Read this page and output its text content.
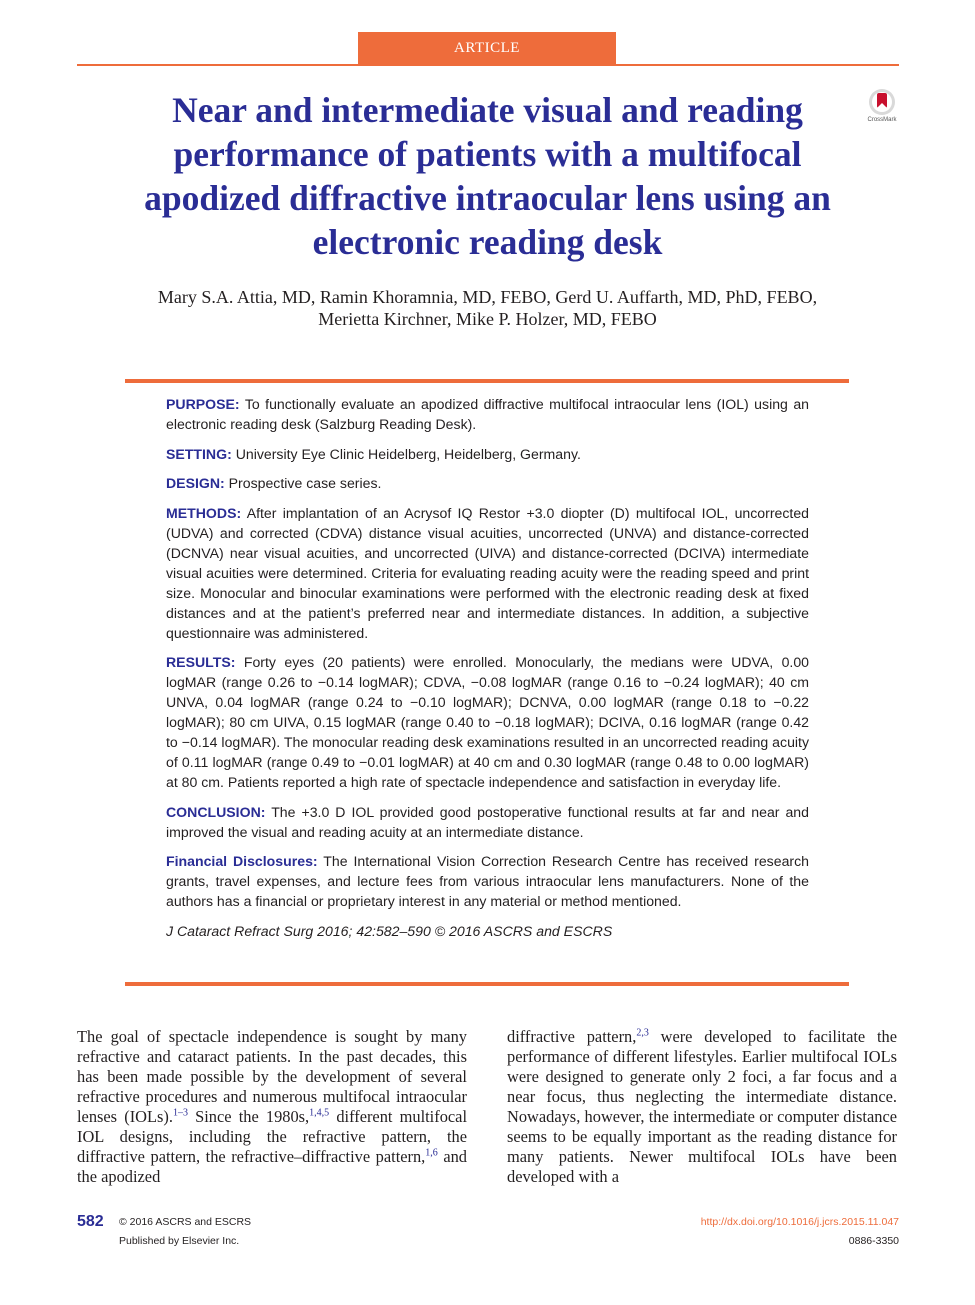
ARTICLE
Near and intermediate visual and reading performance of patients with a multifocal apodized diffractive intraocular lens using an electronic reading desk
CrossMark
Mary S.A. Attia, MD, Ramin Khoramnia, MD, FEBO, Gerd U. Auffarth, MD, PhD, FEBO,
Merietta Kirchner, Mike P. Holzer, MD, FEBO

PURPOSE: To functionally evaluate an apodized diffractive multifocal intraocular lens (IOL) using an electronic reading desk (Salzburg Reading Desk).

SETTING: University Eye Clinic Heidelberg, Heidelberg, Germany.

DESIGN: Prospective case series.

METHODS: After implantation of an Acrysof IQ Restor +3.0 diopter (D) multifocal IOL, uncorrected (UDVA) and corrected (CDVA) distance visual acuities, uncorrected (UNVA) and distance-corrected (DCNVA) near visual acuities, and uncorrected (UIVA) and distance-corrected (DCIVA) intermediate visual acuities were determined. Criteria for evaluating reading acuity were the reading speed and print size. Monocular and binocular examinations were performed with the electronic reading desk at fixed distances and at the patient’s preferred near and intermediate distances. In addition, a subjective questionnaire was administered.

RESULTS: Forty eyes (20 patients) were enrolled. Monocularly, the medians were UDVA, 0.00 logMAR (range 0.26 to −0.14 logMAR); CDVA, −0.08 logMAR (range 0.16 to −0.24 logMAR); 40 cm UNVA, 0.04 logMAR (range 0.24 to −0.10 logMAR); DCNVA, 0.00 logMAR (range 0.18 to −0.22 logMAR); 80 cm UIVA, 0.15 logMAR (range 0.40 to −0.18 logMAR); DCIVA, 0.16 logMAR (range 0.42 to −0.14 logMAR). The monocular reading desk examinations resulted in an uncorrected reading acuity of 0.11 logMAR (range 0.49 to −0.01 logMAR) at 40 cm and 0.30 logMAR (range 0.48 to 0.00 logMAR) at 80 cm. Patients reported a high rate of spectacle independence and satisfaction in everyday life.

CONCLUSION: The +3.0 D IOL provided good postoperative functional results at far and near and improved the visual and reading acuity at an intermediate distance.

Financial Disclosures: The International Vision Correction Research Centre has received research grants, travel expenses, and lecture fees from various intraocular lens manufacturers. None of the authors has a financial or proprietary interest in any material or method mentioned.

J Cataract Refract Surg 2016; 42:582–590 © 2016 ASCRS and ESCRS

The goal of spectacle independence is sought by many refractive and cataract patients. In the past decades, this has been made possible by the development of several refractive procedures and numerous multifocal intraocular lenses (IOLs).$^{1-3}$ Since the 1980s,$^{1,4,5}$ different multifocal IOL designs, including the refractive pattern, the diffractive pattern, the refractive–diffractive pattern,$^{1,6}$ and the apodized
diffractive pattern,$^{2,3}$ were developed to facilitate the performance of different lifestyles. Earlier multifocal IOLs were designed to generate only 2 foci, a far focus and a near focus, thus neglecting the intermediate distance. Nowadays, however, the intermediate or computer distance seems to be equally important as the reading distance for many patients. Newer multifocal IOLs have been developed with a
582 © 2016 ASCRS and ESCRS
Published by Elsevier Inc.
http://dx.doi.org/10.1016/j.jcrs.2015.11.047
0886-3350
